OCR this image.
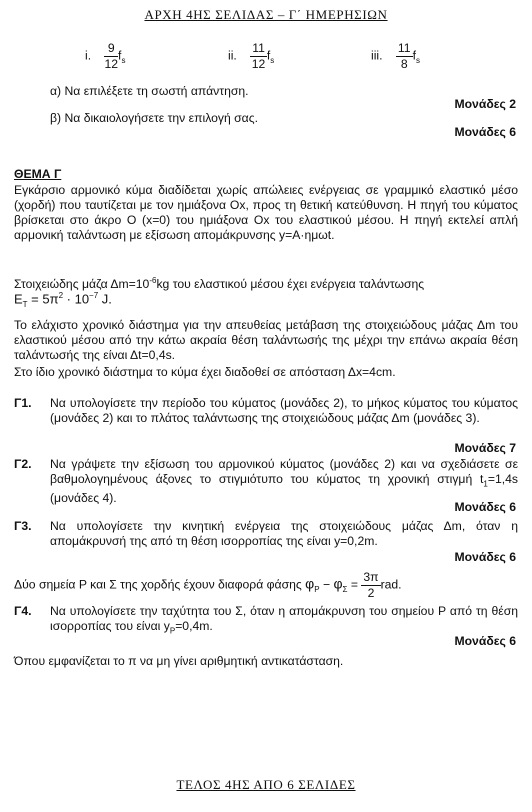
ΑΡΧΗ 4ΗΣ ΣΕΛΙΔΑΣ – Γ΄ ΗΜΕΡΗΣΙΩΝ
i. $\frac{9}{12} f_s$	ii. $\frac{11}{12} f_s$	iii. $\frac{11}{8} f_s$
α) Να επιλέξετε τη σωστή απάντηση.
Μονάδες 2
β) Να δικαιολογήσετε την επιλογή σας.
Μονάδες 6
ΘΕΜΑ Γ
Εγκάρσιο αρμονικό κύμα διαδίδεται χωρίς απώλειες ενέργειας σε γραμμικό ελαστικό μέσο (χορδή) που ταυτίζεται με τον ημιάξονα Οx, προς τη θετική κατεύθυνση. Η πηγή του κύματος βρίσκεται στο άκρο Ο (x=0) του ημιάξονα Οx του ελαστικού μέσου. Η πηγή εκτελεί απλή αρμονική ταλάντωση με εξίσωση απομάκρυνσης y=A·ημωt.
Στοιχειώδης μάζα $\Delta m=10^{-6}kg$ του ελαστικού μέσου έχει ενέργεια ταλάντωσης
$E_T = 5\pi^2 \cdot 10^{-7}$ J.
Το ελάχιστο χρονικό διάστημα για την απευθείας μετάβαση της στοιχειώδους μάζας Δm του ελαστικού μέσου από την κάτω ακραία θέση ταλάντωσής της μέχρι την επάνω ακραία θέση ταλάντωσής της είναι Δt=0,4s.
Στο ίδιο χρονικό διάστημα το κύμα έχει διαδοθεί σε απόσταση Δx=4cm.
Γ1. Να υπολογίσετε την περίοδο του κύματος (μονάδες 2), το μήκος κύματος του κύματος (μονάδες 2) και το πλάτος ταλάντωσης της στοιχειώδους μάζας Δm (μονάδες 3).
Μονάδες 7
Γ2. Να γράψετε την εξίσωση του αρμονικού κύματος (μονάδες 2) και να σχεδιάσετε σε βαθμολογημένους άξονες το στιγμιότυπο του κύματος τη χρονική στιγμή $t_1=1,4s$ (μονάδες 4).
Μονάδες 6
Γ3. Να υπολογίσετε την κινητική ενέργεια της στοιχειώδους μάζας Δm, όταν η απομάκρυνσή της από τη θέση ισορροπίας της είναι y=0,2m.
Μονάδες 6
Δύο σημεία Ρ και Σ της χορδής έχουν διαφορά φάσης $\varphi_P - \varphi_\Sigma = \frac{3\pi}{2}$ rad.
Γ4. Να υπολογίσετε την ταχύτητα του Σ, όταν η απομάκρυνση του σημείου Ρ από τη θέση ισορροπίας του είναι $y_P=0,4m$.
Μονάδες 6
Όπου εμφανίζεται το π να μη γίνει αριθμητική αντικατάσταση.
ΤΕΛΟΣ 4ΗΣ ΑΠΟ 6 ΣΕΛΙΔΕΣ
